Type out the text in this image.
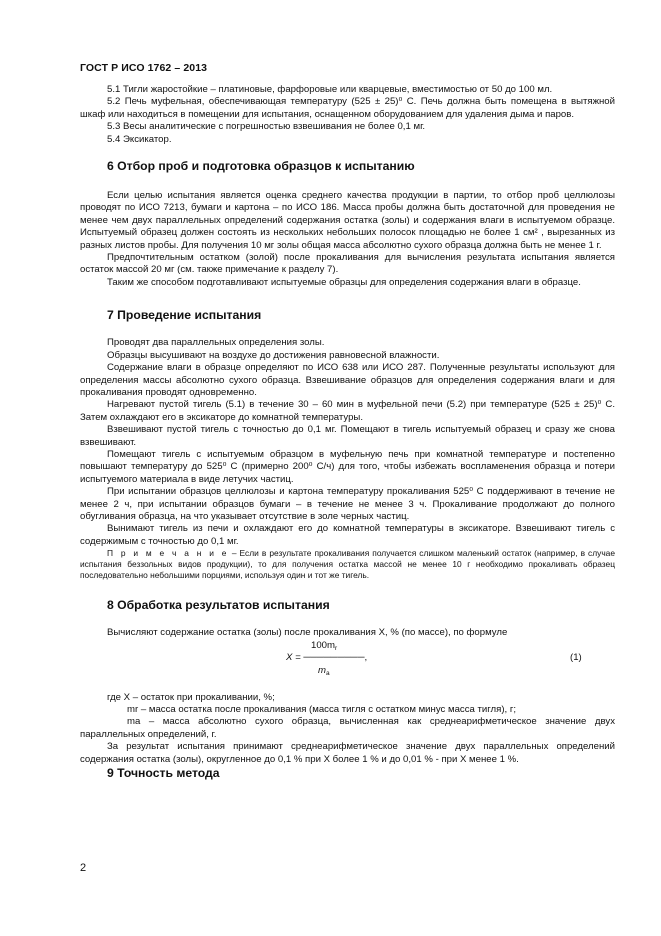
ГОСТ Р ИСО 1762 – 2013
5.1 Тигли жаростойкие – платиновые, фарфоровые или кварцевые, вместимостью от 50 до 100 мл.
5.2 Печь муфельная, обеспечивающая температуру (525 ± 25)⁰ C. Печь должна быть помещена в вытяжной шкаф или находиться в помещении для испытания, оснащенном оборудованием для удаления дыма и паров.
5.3 Весы аналитические с погрешностью взвешивания не более 0,1 мг.
5.4 Эксикатор.
6 Отбор проб и подготовка образцов к испытанию

Если целью испытания является оценка среднего качества продукции в партии, то отбор проб целлюлозы проводят по ИСО 7213, бумаги и картона – по ИСО 186. Масса пробы должна быть достаточной для проведения не менее чем двух параллельных определений содержания остатка (золы) и содержания влаги в испытуемом образце. Испытуемый образец должен состоять из нескольких небольших полосок площадью не более 1 см² , вырезанных из разных листов пробы. Для получения 10 мг золы общая масса абсолютно сухого образца должна быть не менее 1 г.

Предпочтительным остатком (золой) после прокаливания для вычисления результата испытания является остаток массой 20 мг (см. также примечание к разделу 7).

Таким же способом подготавливают испытуемые образцы для определения содержания влаги в образце.

7 Проведение испытания

Проводят два параллельных определения золы.

Образцы высушивают на воздухе до достижения равновесной влажности.

Содержание влаги в образце определяют по ИСО 638 или ИСО 287. Полученные результаты используют для определения массы абсолютно сухого образца. Взвешивание образцов для определения содержания влаги и для прокаливания проводят одновременно.

Нагревают пустой тигель (5.1) в течение 30 – 60 мин в муфельной печи (5.2) при температуре (525 ± 25)⁰ C. Затем охлаждают его в эксикаторе до комнатной температуры.

Взвешивают пустой тигель с точностью до 0,1 мг. Помещают в тигель испытуемый образец и сразу же снова взвешивают.

Помещают тигель с испытуемым образцом в муфельную печь при комнатной температуре и постепенно повышают температуру до 525⁰ C (примерно 200⁰ C/ч) для того, чтобы избежать воспламенения образца и потери испытуемого материала в виде летучих частиц.

При испытании образцов целлюлозы и картона температуру прокаливания 525⁰ C поддерживают в течение не менее 2 ч, при испытании образцов бумаги – в течение не менее 3 ч. Прокаливание продолжают до полного обугливания образца, на что указывает отсутствие в золе черных частиц.

Вынимают тигель из печи и охлаждают его до комнатной температуры в эксикаторе. Взвешивают тигель с содержимым с точностью до 0,1 мг.

П р и м е ч а н и е – Если в результате прокаливания получается слишком маленький остаток (например, в случае испытания беззольных видов продукции), то для получения остатка массой не менее 10 г необходимо прокаливать образец последовательно небольшими порциями, используя один и тот же тигель.
8 Обработка результатов испытания

Вычисляют содержание остатка (золы) после прокаливания X, % (по массе), по формуле

$100m_r$
X = ─────────,
$m_a$
(1)

где X – остаток при прокаливании, %;

mr – масса остатка после прокаливания (масса тигля с остатком минус масса тигля), г;

ma – масса абсолютно сухого образца, вычисленная как среднеарифметическое значение двух параллельных определений, г.

За результат испытания принимают среднеарифметическое значение двух параллельных определений содержания остатка (золы), округленное до 0,1 % при X более 1 % и до 0,01 % - при X менее 1 %.

9 Точность метода
2
